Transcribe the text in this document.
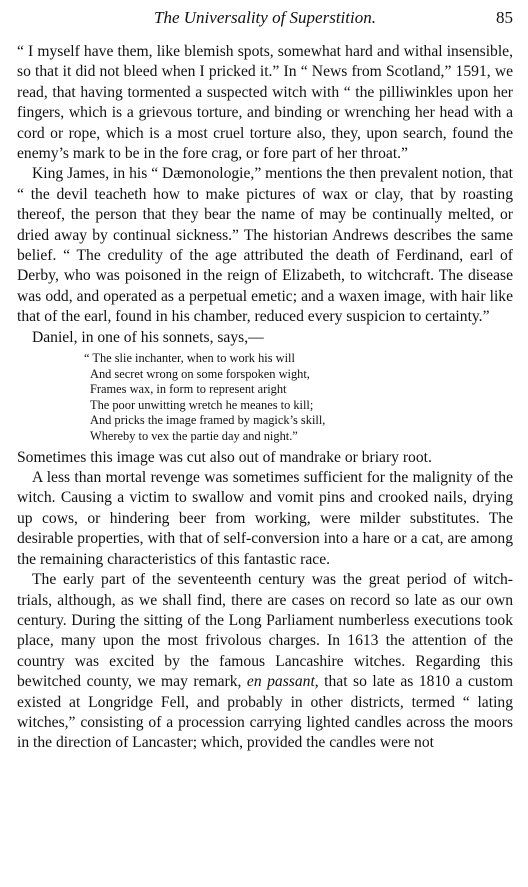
The Universality of Superstition.	85

“ I myself have them, like blemish spots, somewhat hard and withal insensible, so that it did not bleed when I pricked it.” In “ News from Scotland,” 1591, we read, that having tormented a suspected witch with “ the pilliwinkles upon her fingers, which is a grievous torture, and binding or wrenching her head with a cord or rope, which is a most cruel torture also, they, upon search, found the enemy’s mark to be in the fore crag, or fore part of her throat.”

King James, in his “ Dæmonologie,” mentions the then prevalent notion, that “ the devil teacheth how to make pictures of wax or clay, that by roasting thereof, the person that they bear the name of may be continually melted, or dried away by continual sickness.” The historian Andrews describes the same belief. “ The credulity of the age attributed the death of Ferdinand, earl of Derby, who was poisoned in the reign of Elizabeth, to witchcraft. The disease was odd, and operated as a perpetual emetic; and a waxen image, with hair like that of the earl, found in his chamber, reduced every suspicion to certainty.”

Daniel, in one of his sonnets, says,—

“ The slie inchanter, when to work his will
And secret wrong on some forspoken wight,
Frames wax, in form to represent aright
The poor unwitting wretch he meanes to kill;
And pricks the image framed by magick’s skill,
Whereby to vex the partie day and night.”

Sometimes this image was cut also out of mandrake or briary root.

A less than mortal revenge was sometimes sufficient for the malignity of the witch. Causing a victim to swallow and vomit pins and crooked nails, drying up cows, or hindering beer from working, were milder substitutes. The desirable properties, with that of self-conversion into a hare or a cat, are among the remaining characteristics of this fantastic race.

The early part of the seventeenth century was the great period of witch-trials, although, as we shall find, there are cases on record so late as our own century. During the sitting of the Long Parliament numberless executions took place, many upon the most frivolous charges. In 1613 the attention of the country was excited by the famous Lancashire witches. Regarding this bewitched county, we may remark, en passant, that so late as 1810 a custom existed at Longridge Fell, and probably in other districts, termed “ lating witches,” consisting of a procession carrying lighted candles across the moors in the direction of Lancaster; which, provided the candles were not
